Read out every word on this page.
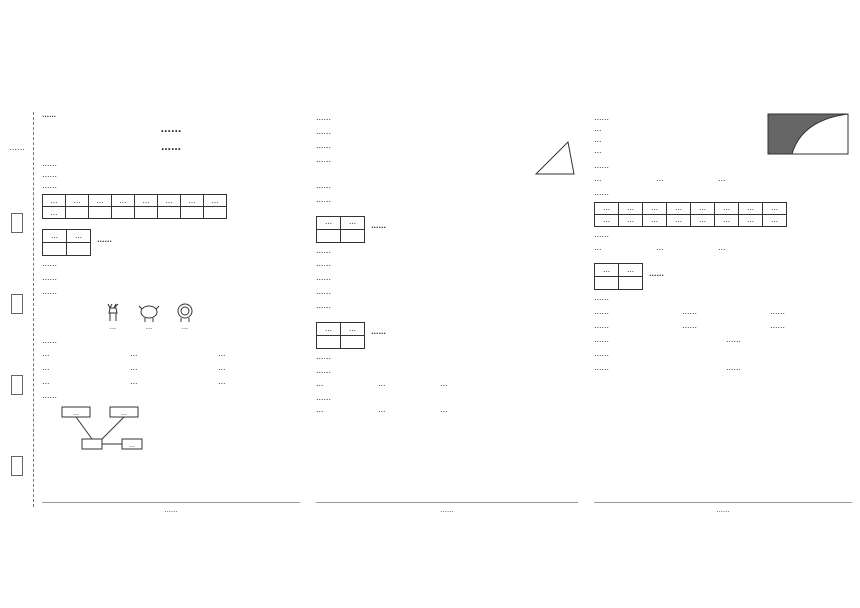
……
……
……
……
……
……
……
…	…	…	…	…	…	…	…
…							
…	…
	……
……
……
……
…	…	…
……
…	…	…
…	…	…
…	…	…
……
…	…
…
……
……
……
……
……
……
……
…	…
	……
……
……
……
……
……
…	…
	……
……
……
…	…	…
……
…	…	…
……
……
…
…
…
……
…	…	…
……
…	…	…	…	…	…	…	…
…	…	…	…	…	…	…	…
……
…	…	…
…	…
	……
……
……	……	……
……	……	……
……	……
……
……	……
……
